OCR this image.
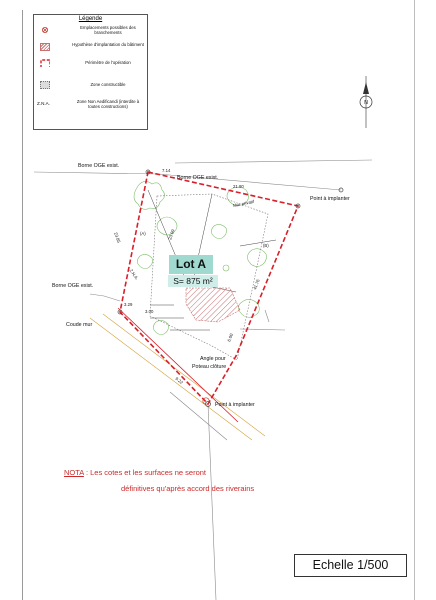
Légende
Emplacements possibles des branchements
Hypothèse d'implantation du bâtiment
Périmètre de l'opération
Zone constructible
Z.N.A.	Zone Non Aedificandi (interdite à toutes constructions)
N
Borne OGE exist.
Borne OGE exist.
Point à implanter
Borne OGE exist.
Coude mur
Angle pour
Poteau clôture
Point à implanter
7.14
21.80
23.85	23.09
41.76
3.29
9.22
6.00
3.00
(B)
(A)
Mur privatif
Z.N.A.
Lot A
S= 875 m²
NOTA : Les cotes et les surfaces ne seront
définitives qu'après accord des riverains
Echelle 1/500
